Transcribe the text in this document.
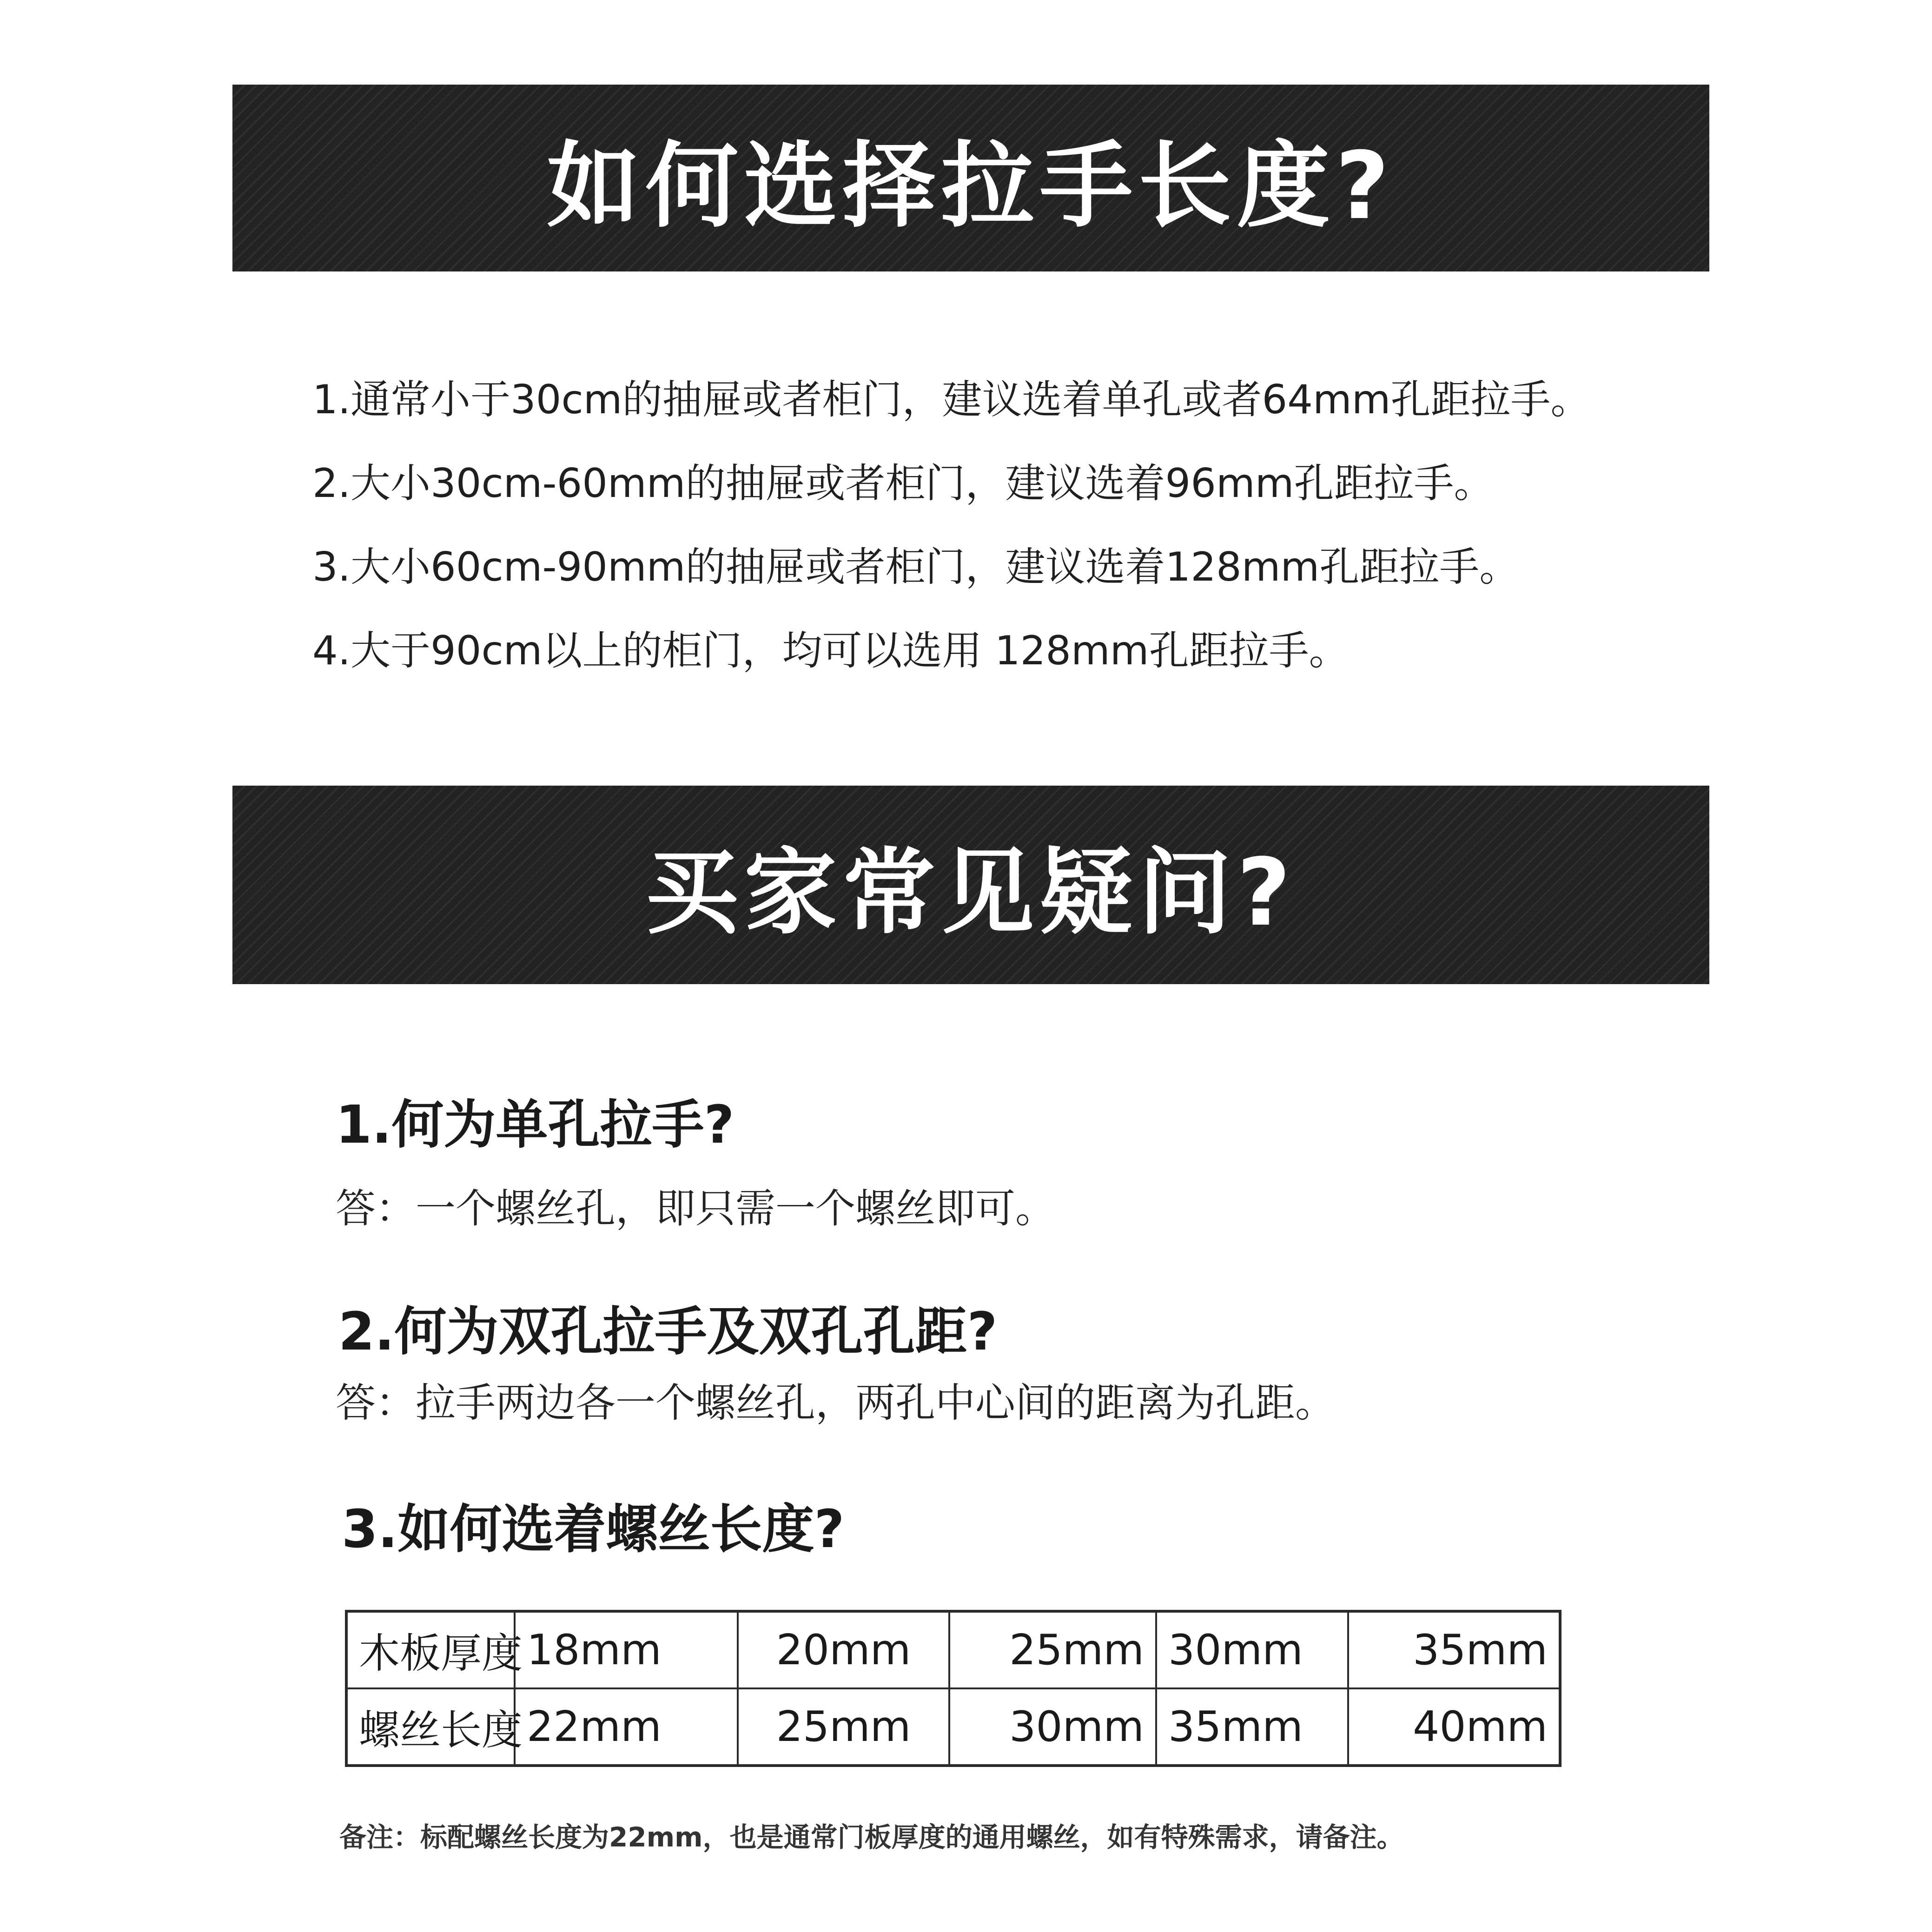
如何选择拉手长度?
1.通常小于30cm的抽屉或者柜门，建议选着单孔或者64mm孔距拉手。
2.大小30cm-60mm的抽屉或者柜门，建议选着96mm孔距拉手。
3.大小60cm-90mm的抽屉或者柜门，建议选着128mm孔距拉手。
4.大于90cm以上的柜门，均可以选用 128mm孔距拉手。
买家常见疑问?
1.何为单孔拉手?
答：一个螺丝孔，即只需一个螺丝即可。
2.何为双孔拉手及双孔孔距?
答：拉手两边各一个螺丝孔，两孔中心间的距离为孔距。
3.如何选着螺丝长度?
木板厚度	18mm	20mm	25mm	30mm	35mm
螺丝长度	22mm	25mm	30mm	35mm	40mm
备注：标配螺丝长度为22mm，也是通常门板厚度的通用螺丝，如有特殊需求，请备注。
